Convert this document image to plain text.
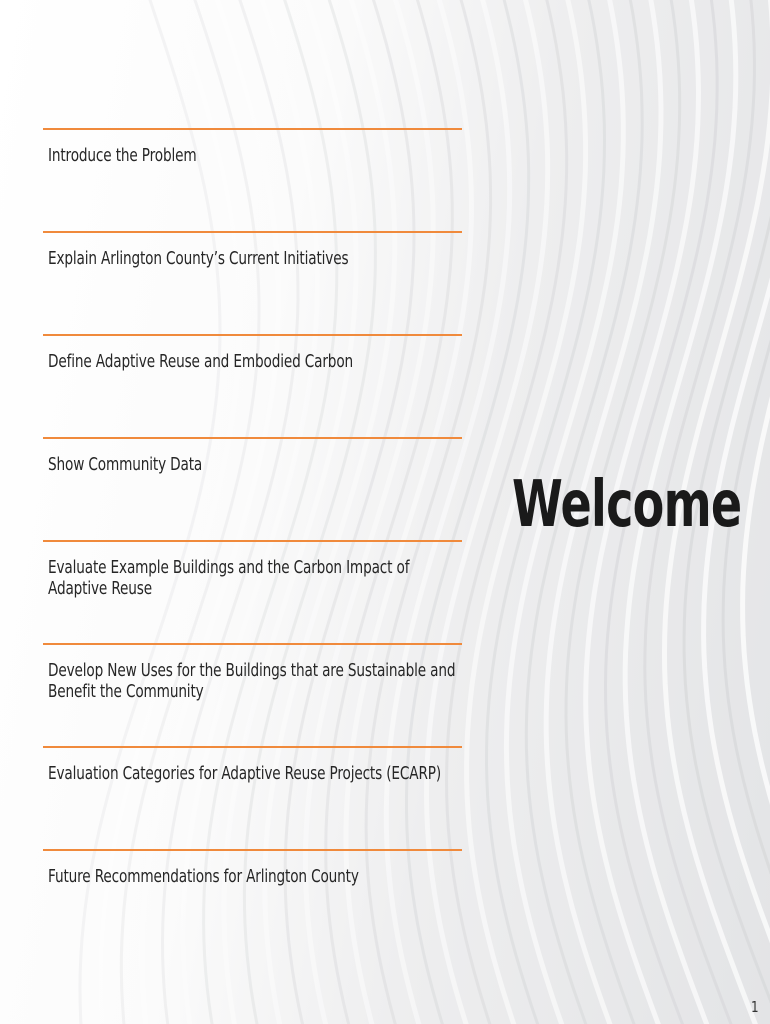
Introduce the Problem
Explain Arlington County’s Current Initiatives
Define Adaptive Reuse and Embodied Carbon
Show Community Data
Evaluate Example Buildings and the Carbon Impact of Adaptive Reuse
Develop New Uses for the Buildings that are Sustainable and Benefit the Community
Evaluation Categories for Adaptive Reuse Projects (ECARP)
Future Recommendations for Arlington County
Welcome
1
